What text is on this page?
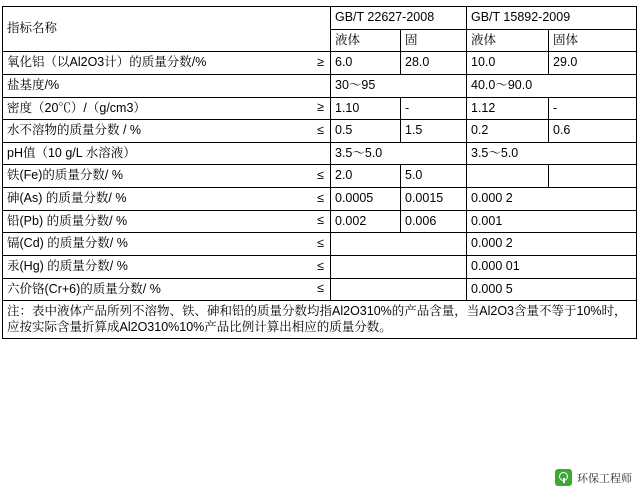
指标名称	GB/T 22627-2008		GB/T 15892-2009	
	液体	固	液体	固体
氧化铝（以Al2O3计）的质量分数/% ≥	6.0	28.0	10.0	29.0
盐基度/%	30～95		40.0～90.0	
密度（20℃）/（g/cm3） ≥	1.10	-	1.12	-
水不溶物的质量分数 / % ≤	0.5	1.5	0.2	0.6
pH值（10 g/L 水溶液）	3.5～5.0		3.5～5.0	
铁(Fe)的质量分数/ % ≤	2.0	5.0		
砷(As) 的质量分数/ % ≤	0.0005	0.0015	0.000 2	
铅(Pb) 的质量分数/ % ≤	0.002	0.006	0.001	
镉(Cd) 的质量分数/ % ≤			0.000 2	
汞(Hg) 的质量分数/ % ≤			0.000 01	
六价铬(Cr+6)的质量分数/ % ≤			0.000 5	
注：表中液体产品所列不溶物、铁、砷和铅的质量分数均指Al2O310%的产品含量，当Al2O3含量不等于10%时，应按实际含量折算成Al2O310%10%产品比例计算出相应的质量分数。				
环保工程师
